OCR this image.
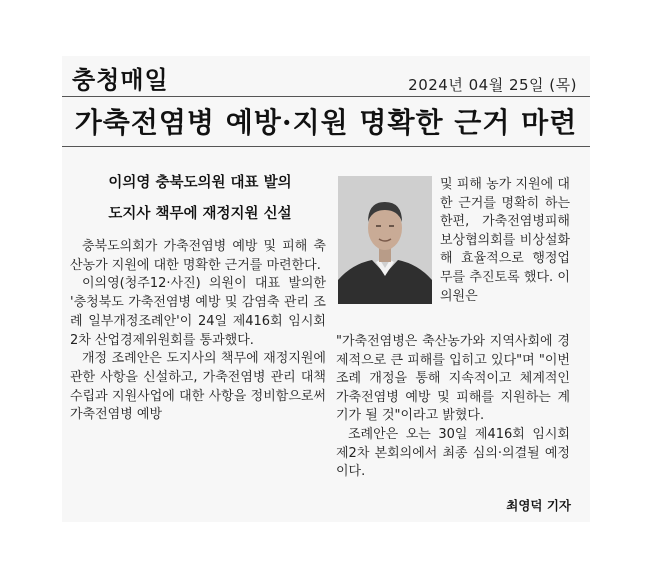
충청매일	2024년 04월 25일 (목)
가축전염병 예방·지원 명확한 근거 마련
이의영 충북도의원 대표 발의
도지사 책무에 재정지원 신설

충북도의회가 가축전염병 예방 및 피해 축산농가 지원에 대한 명확한 근거를 마련한다.

이의영(청주12·사진) 의원이 대표 발의한 '충청북도 가축전염병 예방 및 감염축 관리 조례 일부개정조례안'이 24일 제416회 임시회 2차 산업경제위원회를 통과했다.

개정 조례안은 도지사의 책무에 재정지원에 관한 사항을 신설하고, 가축전염병 관리 대책 수립과 지원사업에 대한 사항을 정비함으로써 가축전염병 예방

및 피해 농가 지원에 대한 근거를 명확히 하는 한편, 가축전염병피해보상협의회를 비상설화해 효율적으로 행정업무를 추진토록 했다. 이 의원은

"가축전염병은 축산농가와 지역사회에 경제적으로 큰 피해를 입히고 있다"며 "이번 조례 개정을 통해 지속적이고 체계적인 가축전염병 예방 및 피해를 지원하는 계기가 될 것"이라고 밝혔다.

조례안은 오는 30일 제416회 임시회 제2차 본회의에서 최종 심의·의결될 예정이다.

최영덕 기자
